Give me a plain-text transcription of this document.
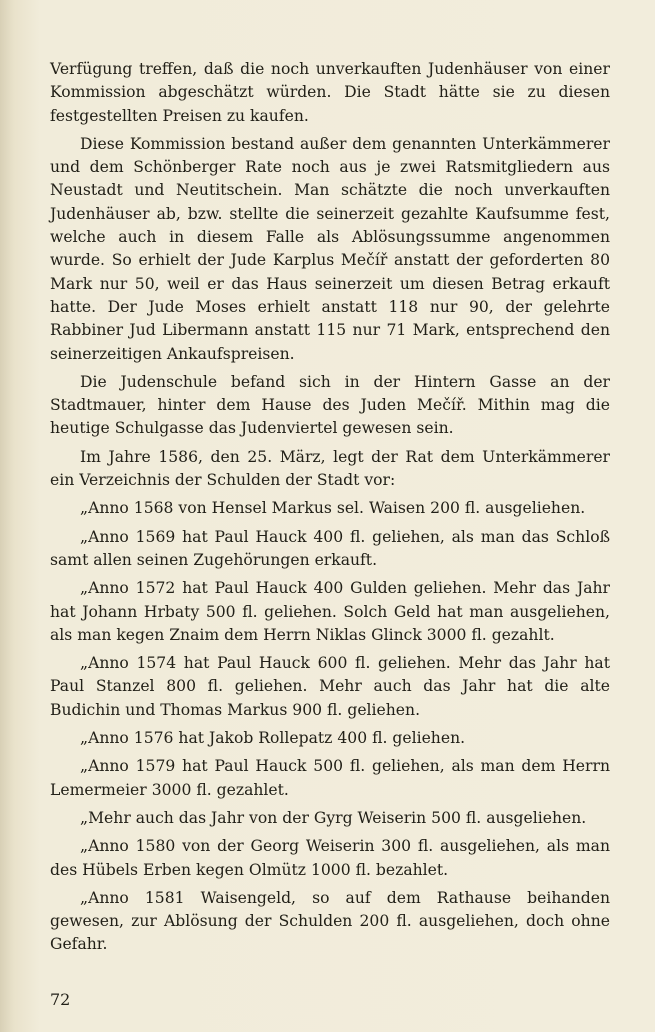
Verfügung treffen, daß die noch unverkauften Judenhäuser von einer Kommission abgeschätzt würden. Die Stadt hätte sie zu diesen festgestellten Preisen zu kaufen.

Diese Kommission bestand außer dem genannten Unterkämmerer und dem Schönberger Rate noch aus je zwei Ratsmitgliedern aus Neustadt und Neutitschein. Man schätzte die noch unverkauften Judenhäuser ab, bzw. stellte die seinerzeit gezahlte Kaufsumme fest, welche auch in diesem Falle als Ablösungssumme angenommen wurde. So erhielt der Jude Karplus Mečíř anstatt der geforderten 80 Mark nur 50, weil er das Haus seinerzeit um diesen Betrag erkauft hatte. Der Jude Moses erhielt anstatt 118 nur 90, der gelehrte Rabbiner Jud Libermann anstatt 115 nur 71 Mark, entsprechend den seinerzeitigen Ankaufspreisen.

Die Judenschule befand sich in der Hintern Gasse an der Stadtmauer, hinter dem Hause des Juden Mečíř. Mithin mag die heutige Schulgasse das Judenviertel gewesen sein.

Im Jahre 1586, den 25. März, legt der Rat dem Unterkämmerer ein Verzeichnis der Schulden der Stadt vor:

„Anno 1568 von Hensel Markus sel. Waisen 200 fl. ausgeliehen.

„Anno 1569 hat Paul Hauck 400 fl. geliehen, als man das Schloß samt allen seinen Zugehörungen erkauft.

„Anno 1572 hat Paul Hauck 400 Gulden geliehen. Mehr das Jahr hat Johann Hrbaty 500 fl. geliehen. Solch Geld hat man ausgeliehen, als man kegen Znaim dem Herrn Niklas Glinck 3000 fl. gezahlt.

„Anno 1574 hat Paul Hauck 600 fl. geliehen. Mehr das Jahr hat Paul Stanzel 800 fl. geliehen. Mehr auch das Jahr hat die alte Budichin und Thomas Markus 900 fl. geliehen.

„Anno 1576 hat Jakob Rollepatz 400 fl. geliehen.

„Anno 1579 hat Paul Hauck 500 fl. geliehen, als man dem Herrn Lemermeier 3000 fl. gezahlet.

„Mehr auch das Jahr von der Gyrg Weiserin 500 fl. ausgeliehen.

„Anno 1580 von der Georg Weiserin 300 fl. ausgeliehen, als man des Hübels Erben kegen Olmütz 1000 fl. bezahlet.

„Anno 1581 Waisengeld, so auf dem Rathause beihanden gewesen, zur Ablösung der Schulden 200 fl. ausgeliehen, doch ohne Gefahr.

72
